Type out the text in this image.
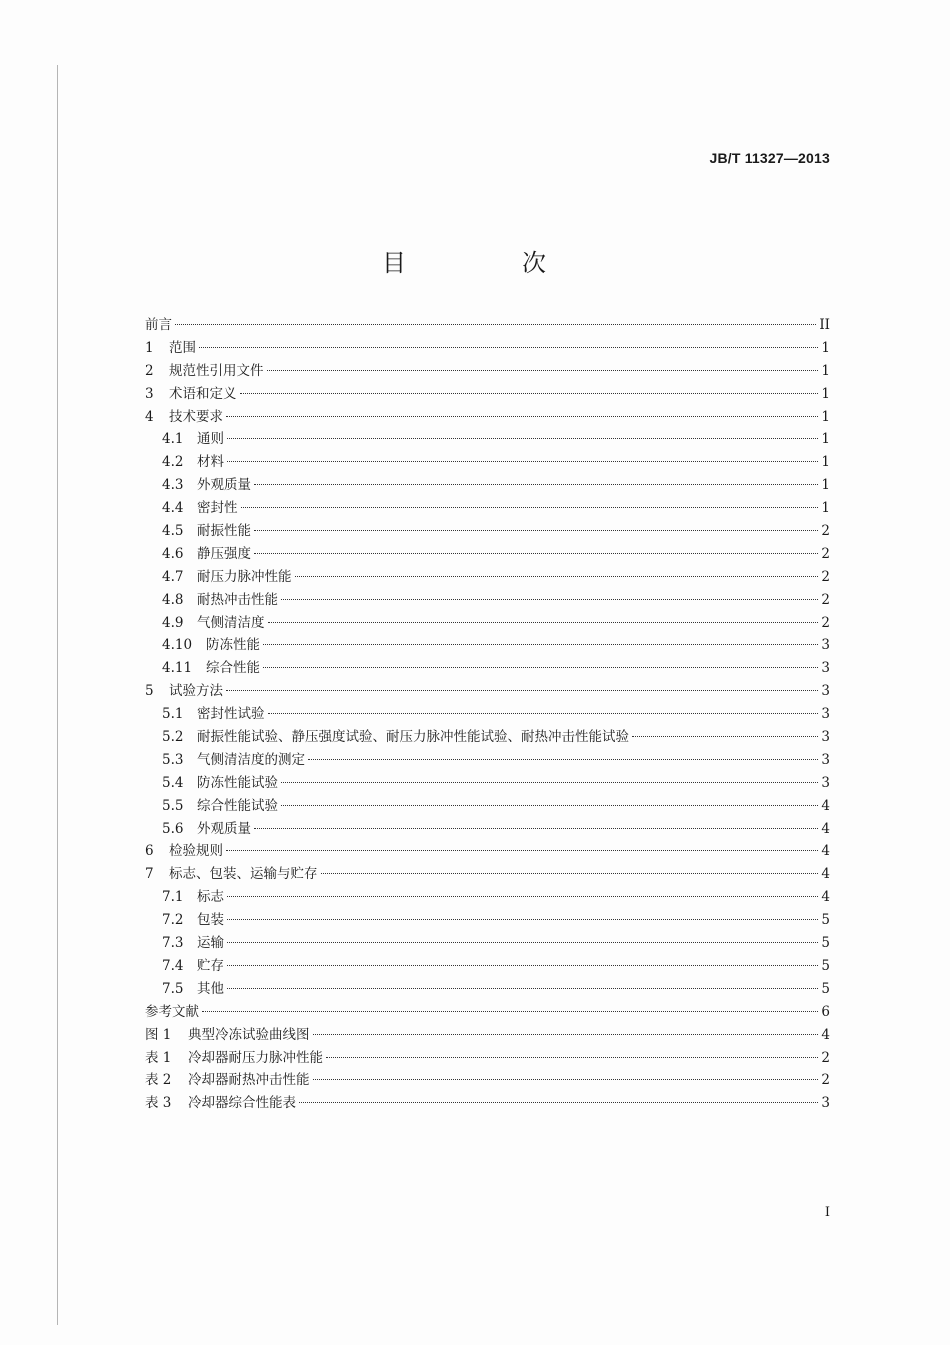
JB/T 11327—2013
目　次
前言	II
1	范围	1
2	规范性引用文件	1
3	术语和定义	1
4	技术要求	1
4.1	通则	1
4.2	材料	1
4.3	外观质量	1
4.4	密封性	1
4.5	耐振性能	2
4.6	静压强度	2
4.7	耐压力脉冲性能	2
4.8	耐热冲击性能	2
4.9	气侧清洁度	2
4.10	防冻性能	3
4.11	综合性能	3
5	试验方法	3
5.1	密封性试验	3
5.2	耐振性能试验、静压强度试验、耐压力脉冲性能试验、耐热冲击性能试验	3
5.3	气侧清洁度的测定	3
5.4	防冻性能试验	3
5.5	综合性能试验	4
5.6	外观质量	4
6	检验规则	4
7	标志、包装、运输与贮存	4
7.1	标志	4
7.2	包装	5
7.3	运输	5
7.4	贮存	5
7.5	其他	5
参考文献	6
图 1	典型冷冻试验曲线图	4
表 1	冷却器耐压力脉冲性能	2
表 2	冷却器耐热冲击性能	2
表 3	冷却器综合性能表	3
I
